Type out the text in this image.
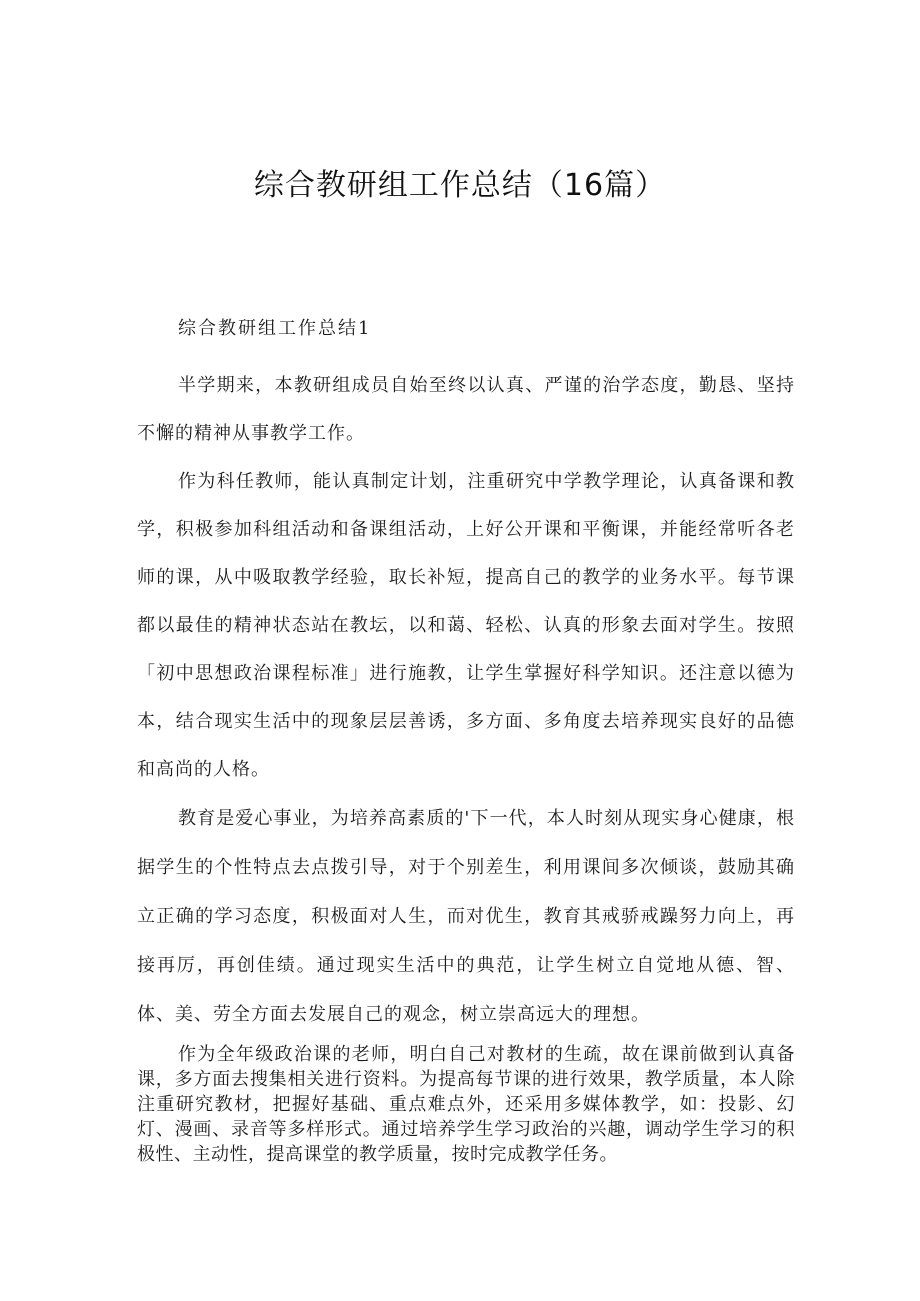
综合教研组工作总结（16篇）
综合教研组工作总结1

半学期来，本教研组成员自始至终以认真、严谨的治学态度，勤恳、坚持不懈的精神从事教学工作。

作为科任教师，能认真制定计划，注重研究中学教学理论，认真备课和教学，积极参加科组活动和备课组活动，上好公开课和平衡课，并能经常听各老师的课，从中吸取教学经验，取长补短，提高自己的教学的业务水平。每节课都以最佳的精神状态站在教坛，以和蔼、轻松、认真的形象去面对学生。按照「初中思想政治课程标准」进行施教，让学生掌握好科学知识。还注意以德为本，结合现实生活中的现象层层善诱，多方面、多角度去培养现实良好的品德和高尚的人格。

教育是爱心事业，为培养高素质的'下一代，本人时刻从现实身心健康，根据学生的个性特点去点拨引导，对于个别差生，利用课间多次倾谈，鼓励其确立正确的学习态度，积极面对人生，而对优生，教育其戒骄戒躁努力向上，再接再厉，再创佳绩。通过现实生活中的典范，让学生树立自觉地从德、智、体、美、劳全方面去发展自己的观念，树立崇高远大的理想。

作为全年级政治课的老师，明白自己对教材的生疏，故在课前做到认真备课，多方面去搜集相关进行资料。为提高每节课的进行效果，教学质量，本人除注重研究教材，把握好基础、重点难点外，还采用多媒体教学，如：投影、幻灯、漫画、录音等多样形式。通过培养学生学习政治的兴趣，调动学生学习的积极性、主动性，提高课堂的教学质量，按时完成教学任务。
